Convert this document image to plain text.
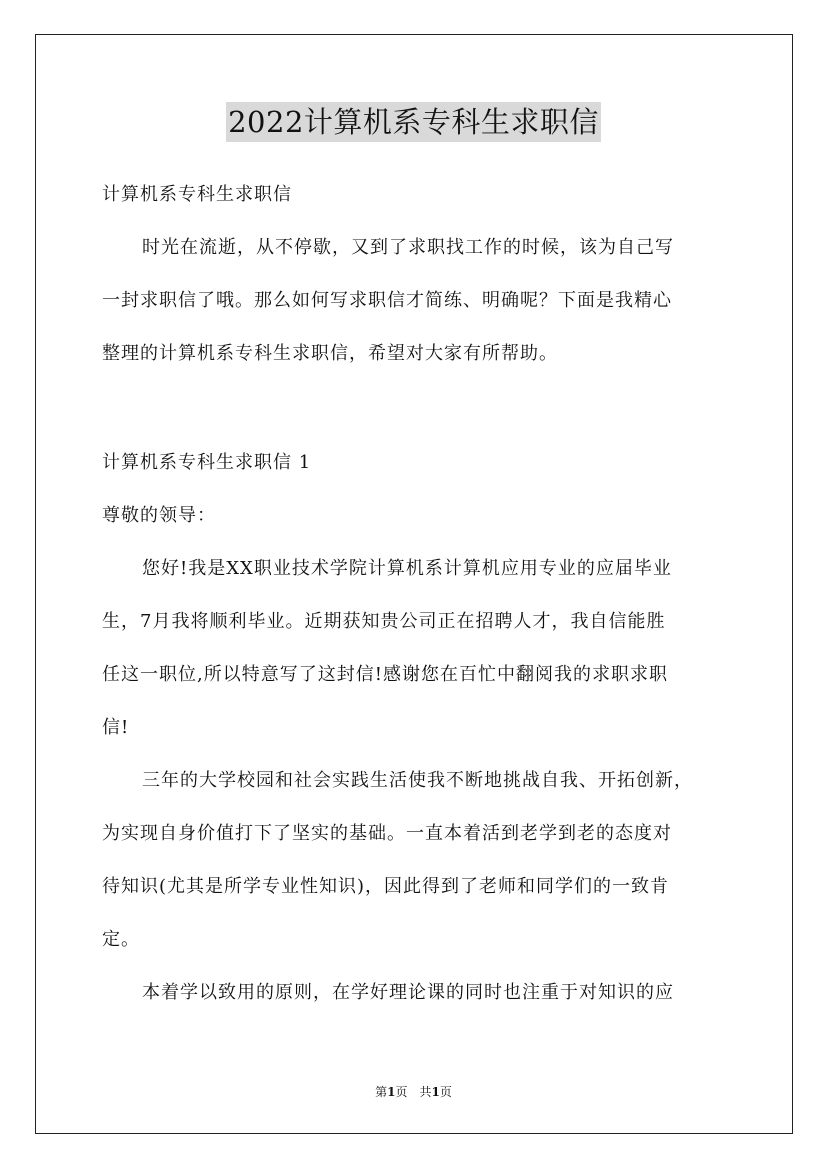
2022计算机系专科生求职信
计算机系专科生求职信
时光在流逝，从不停歇，又到了求职找工作的时候，该为自己写
一封求职信了哦。那么如何写求职信才简练、明确呢？下面是我精心
整理的计算机系专科生求职信，希望对大家有所帮助。
计算机系专科生求职信 1
尊敬的领导：
您好!我是XX职业技术学院计算机系计算机应用专业的应届毕业
生，7月我将顺利毕业。近期获知贵公司正在招聘人才，我自信能胜
任这一职位,所以特意写了这封信!感谢您在百忙中翻阅我的求职求职
信!
三年的大学校园和社会实践生活使我不断地挑战自我、开拓创新，
为实现自身价值打下了坚实的基础。一直本着活到老学到老的态度对
待知识(尤其是所学专业性知识)，因此得到了老师和同学们的一致肯
定。
本着学以致用的原则，在学好理论课的同时也注重于对知识的应
第1页 共1页
